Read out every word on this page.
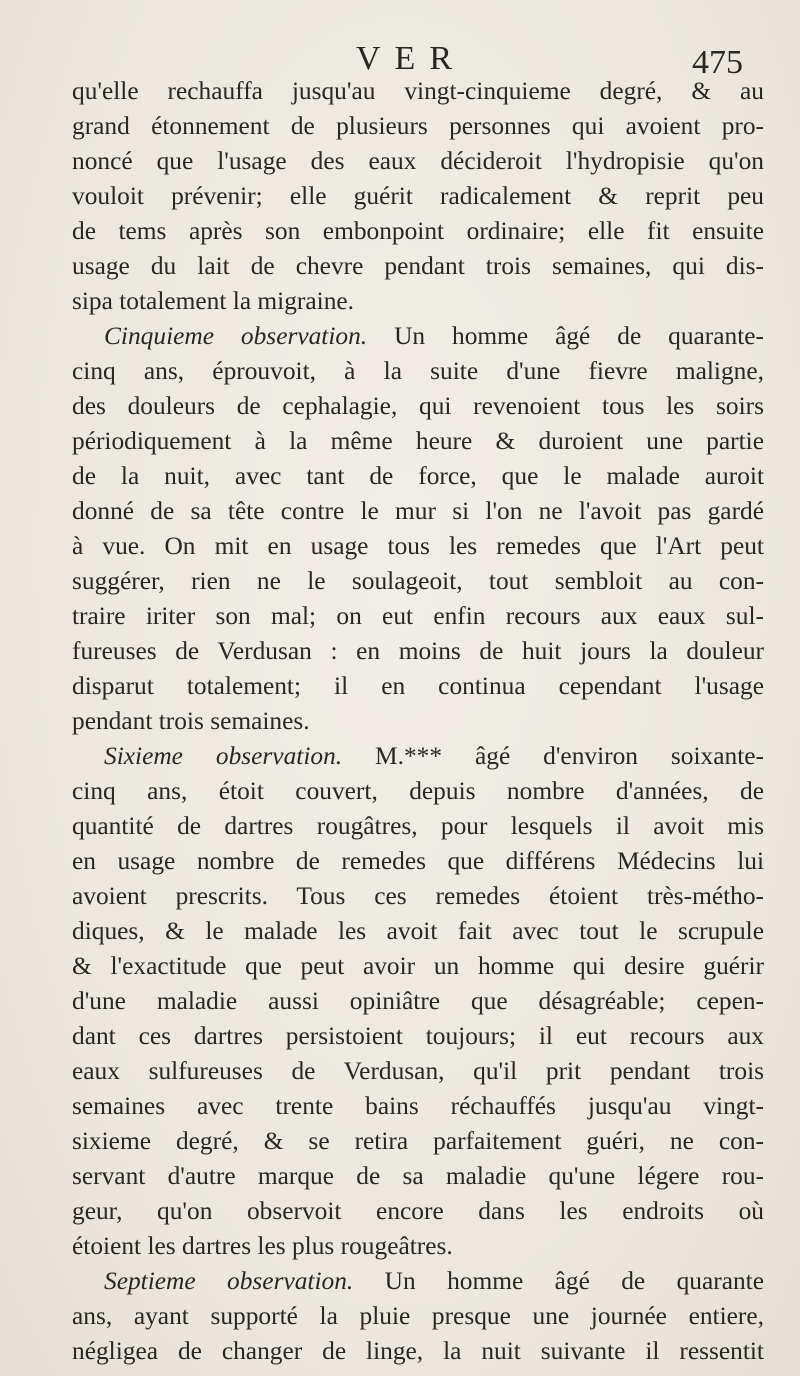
VER	475

qu'elle rechauffa jusqu'au vingt-cinquieme degré, & au
grand étonnement de plusieurs personnes qui avoient pro-
noncé que l'usage des eaux décideroit l'hydropisie qu'on
vouloit prévenir; elle guérit radicalement & reprit peu
de tems après son embonpoint ordinaire; elle fit ensuite
usage du lait de chevre pendant trois semaines, qui dis-
sipa totalement la migraine.

Cinquieme observation. Un homme âgé de quarante-
cinq ans, éprouvoit, à la suite d'une fievre maligne,
des douleurs de cephalagie, qui revenoient tous les soirs
périodiquement à la même heure & duroient une partie
de la nuit, avec tant de force, que le malade auroit
donné de sa tête contre le mur si l'on ne l'avoit pas gardé
à vue. On mit en usage tous les remedes que l'Art peut
suggérer, rien ne le soulageoit, tout sembloit au con-
traire iriter son mal; on eut enfin recours aux eaux sul-
fureuses de Verdusan : en moins de huit jours la douleur
disparut totalement; il en continua cependant l'usage
pendant trois semaines.

Sixieme observation. M.*** âgé d'environ soixante-
cinq ans, étoit couvert, depuis nombre d'années, de
quantité de dartres rougâtres, pour lesquels il avoit mis
en usage nombre de remedes que différens Médecins lui
avoient prescrits. Tous ces remedes étoient très-métho-
diques, & le malade les avoit fait avec tout le scrupule
& l'exactitude que peut avoir un homme qui desire guérir
d'une maladie aussi opiniâtre que désagréable; cepen-
dant ces dartres persistoient toujours; il eut recours aux
eaux sulfureuses de Verdusan, qu'il prit pendant trois
semaines avec trente bains réchauffés jusqu'au vingt-
sixieme degré, & se retira parfaitement guéri, ne con-
servant d'autre marque de sa maladie qu'une légere rou-
geur, qu'on observoit encore dans les endroits où
étoient les dartres les plus rougeâtres.

Septieme observation. Un homme âgé de quarante
ans, ayant supporté la pluie presque une journée entiere,
négligea de changer de linge, la nuit suivante il ressentit
